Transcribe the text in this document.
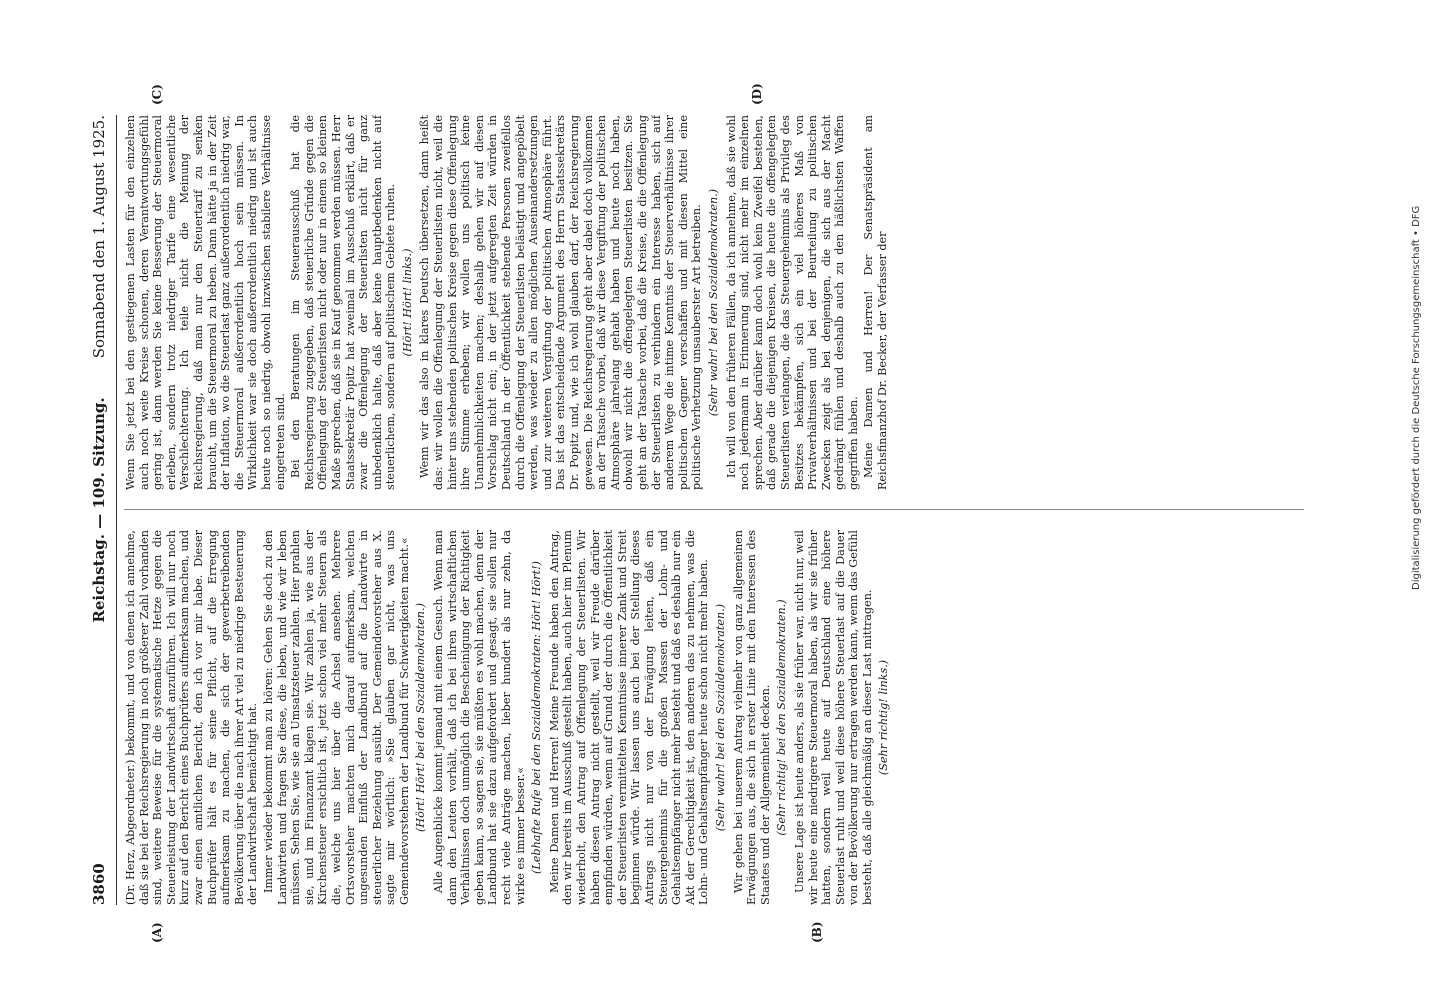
3860
Reichstag. — 109. Sitzung.
Sonnabend den 1. August 1925.
(A)	(B)
(C)	(D)

(Dr. Herz, Abgeordneter.) bekommt, und von denen ich annehme, daß sie bei der Reichsregierung in noch größerer Zahl vorhanden sind, weitere Beweise für die systematische Hetze gegen die Steuerleistung der Landwirtschaft anzuführen. Ich will nur noch kurz auf den Bericht eines Buchprüfers aufmerksam machen, und zwar einen amtlichen Bericht, den ich vor mir habe. Dieser Buchprüfer hält es für seine Pflicht, auf die Erregung aufmerksam zu machen, die sich der gewerbetreibenden Bevölkerung über die nach ihrer Art viel zu niedrige Besteuerung der Landwirtschaft bemächtigt hat. Immer wieder bekommt man zu hören: Gehen Sie doch zu den Landwirten und fragen Sie diese, die leben, und wie wir leben müssen. Sehen Sie, wie sie an Umsatzsteuer zahlen. Hier prahlen sie, und im Finanzamt klagen sie. Wir zahlen ja, wie aus der Kirchensteuer ersichtlich ist, jetzt schon viel mehr Steuern als die, welche uns hier über die Achsel ansehen. Mehrere Ortsvorsteher machten mich darauf aufmerksam, welchen ungesunden Einfluß der Landbund auf die Landwirte in steuerlicher Beziehung ausübt. Der Gemeindevorsteher aus X. sagte mir wörtlich: »Sie glauben gar nicht, was uns Gemeindevorstehern der Landbund für Schwierigkeiten macht.« (Hört! Hört! bei den Sozialdemokraten.) Alle Augenblicke kommt jemand mit einem Gesuch. Wenn man dann den Leuten vorhält, daß ich bei ihren wirtschaftlichen Verhältnissen doch unmöglich die Bescheinigung der Richtigkeit geben kann, so sagen sie, sie müßten es wohl machen, denn der Landbund hat sie dazu aufgefordert und gesagt, sie sollen nur recht viele Anträge machen, lieber hundert als nur zehn, da wirke es immer besser.« (Lebhafte Rufe bei den Sozialdemokraten: Hört! Hört!) Meine Damen und Herren! Meine Freunde haben den Antrag, den wir bereits im Ausschuß gestellt haben, auch hier im Plenum wiederholt, den Antrag auf Offenlegung der Steuerlisten. Wir haben diesen Antrag nicht gestellt, weil wir Freude darüber empfinden würden, wenn auf Grund der durch die Öffentlichkeit der Steuerlisten vermittelten Kenntnisse innerer Zank und Streit beginnen würde. Wir lassen uns auch bei der Stellung dieses Antrags nicht nur von der Erwägung leiten, daß ein Steuergeheimnis für die großen Massen der Lohn- und Gehaltsempfänger nicht mehr besteht und daß es deshalb nur ein Akt der Gerechtigkeit ist, den anderen das zu nehmen, was die Lohn- und Gehaltsempfänger heute schon nicht mehr haben. (Sehr wahr! bei den Sozialdemokraten.) Wir gehen bei unserem Antrag vielmehr von ganz allgemeinen Erwägungen aus, die sich in erster Linie mit den Interessen des Staates und der Allgemeinheit decken. (Sehr richtig! bei den Sozialdemokraten.) Unsere Lage ist heute anders, als sie früher war, nicht nur, weil wir heute eine niedrigere Steuermoral haben, als wir sie früher hatten, sondern weil heute auf Deutschland eine höhere Steuerlast ruht und weil diese höhere Steuerlast auf die Dauer von der Bevölkerung nur ertragen werden kann, wenn das Gefühl besteht, daß alle gleichmäßig an dieser Last mittragen. (Sehr richtig! links.)

Wenn Sie jetzt bei den gestiegenen Lasten für den einzelnen auch noch weite Kreise schonen, deren Verantwortungsgefühl gering ist, dann werden Sie keine Besserung der Steuermoral erleben, sondern trotz niedriger Tarife eine wesentliche Verschlechterung. Ich teile nicht die Meinung der Reichsregierung, daß man nur den Steuertarif zu senken braucht, um die Steuermoral zu heben. Dann hätte ja in der Zeit der Inflation, wo die Steuerlast ganz außerordentlich niedrig war, die Steuermoral außerordentlich hoch sein müssen. In Wirklichkeit war sie doch außerordentlich niedrig und ist auch heute noch so niedrig, obwohl inzwischen stabilere Verhältnisse eingetreten sind. Bei den Beratungen im Steuerausschuß hat die Reichsregierung zugegeben, daß steuerliche Gründe gegen die Offenlegung der Steuerlisten nicht oder nur in einem so kleinen Maße sprechen, daß sie in Kauf genommen werden müssen. Herr Staatssekretär Popitz hat zweimal im Ausschuß erklärt, daß er zwar die Offenlegung der Steuerlisten nicht für ganz unbedenklich halte, daß aber keine hauptbedenken nicht auf steuerlichem, sondern auf politischem Gebiete ruhen. (Hört! Hört! links.) Wenn wir das also in klares Deutsch übersetzen, dann heißt das: wir wollen die Offenlegung der Steuerlisten nicht, weil die hinter uns stehenden politischen Kreise gegen diese Offenlegung ihre Stimme erheben; wir wollen uns politisch keine Unannehmlichkeiten machen; deshalb gehen wir auf diesen Vorschlag nicht ein; in der jetzt aufgeregten Zeit würden in Deutschland in der Öffentlichkeit stehende Personen zweifellos durch die Offenlegung der Steuerlisten belästigt und angepöbelt werden, was wieder zu allen möglichen Auseinandersetzungen und zur weiteren Vergiftung der politischen Atmosphäre führt. Das ist das entscheidende Argument des Herrn Staatssekretärs Dr. Popitz und, wie ich wohl glauben darf, der Reichsregierung gewesen. Die Reichsregierung geht aber dabei doch vollkommen an der Tatsache vorbei, daß wir diese Vergiftung der politischen Atmosphäre jahrelang gehabt haben und heute noch haben, obwohl wir nicht die offengelegten Steuerlisten besitzen. Sie geht an der Tatsache vorbei, daß die Kreise, die die Offenlegung der Steuerlisten zu verhindern ein Interesse haben, sich auf anderem Wege die intime Kenntnis der Steuerverhältnisse ihrer politischen Gegner verschaffen und mit diesen Mittel eine politische Verhetzung unsauberster Art betreiben. (Sehr wahr! bei den Sozialdemokraten.) Ich will von den früheren Fällen, da ich annehme, daß sie wohl noch jedermann in Erinnerung sind, nicht mehr im einzelnen sprechen. Aber darüber kann doch wohl kein Zweifel bestehen, daß gerade die diejenigen Kreisen, die heute die offengelegten Steuerlisten verlangen, die das Steuergeheimnis als Privileg des Besitzes bekämpfen, sich ein viel höheres Maß von Privatverhältnissen und bei der Beurteilung zu politischen Zwecken zeigt als bei denjenigen, die sich aus der Macht gedrängt fühlen und deshalb auch zu den häßlichsten Waffen gegriffen haben. Meine Damen und Herren! Der Senatspräsident am Reichsfinanzhof Dr. Becker, der Verfasser der	Digitalisierung gefördert durch die Deutsche Forschungsgemeinschaft • DFG
